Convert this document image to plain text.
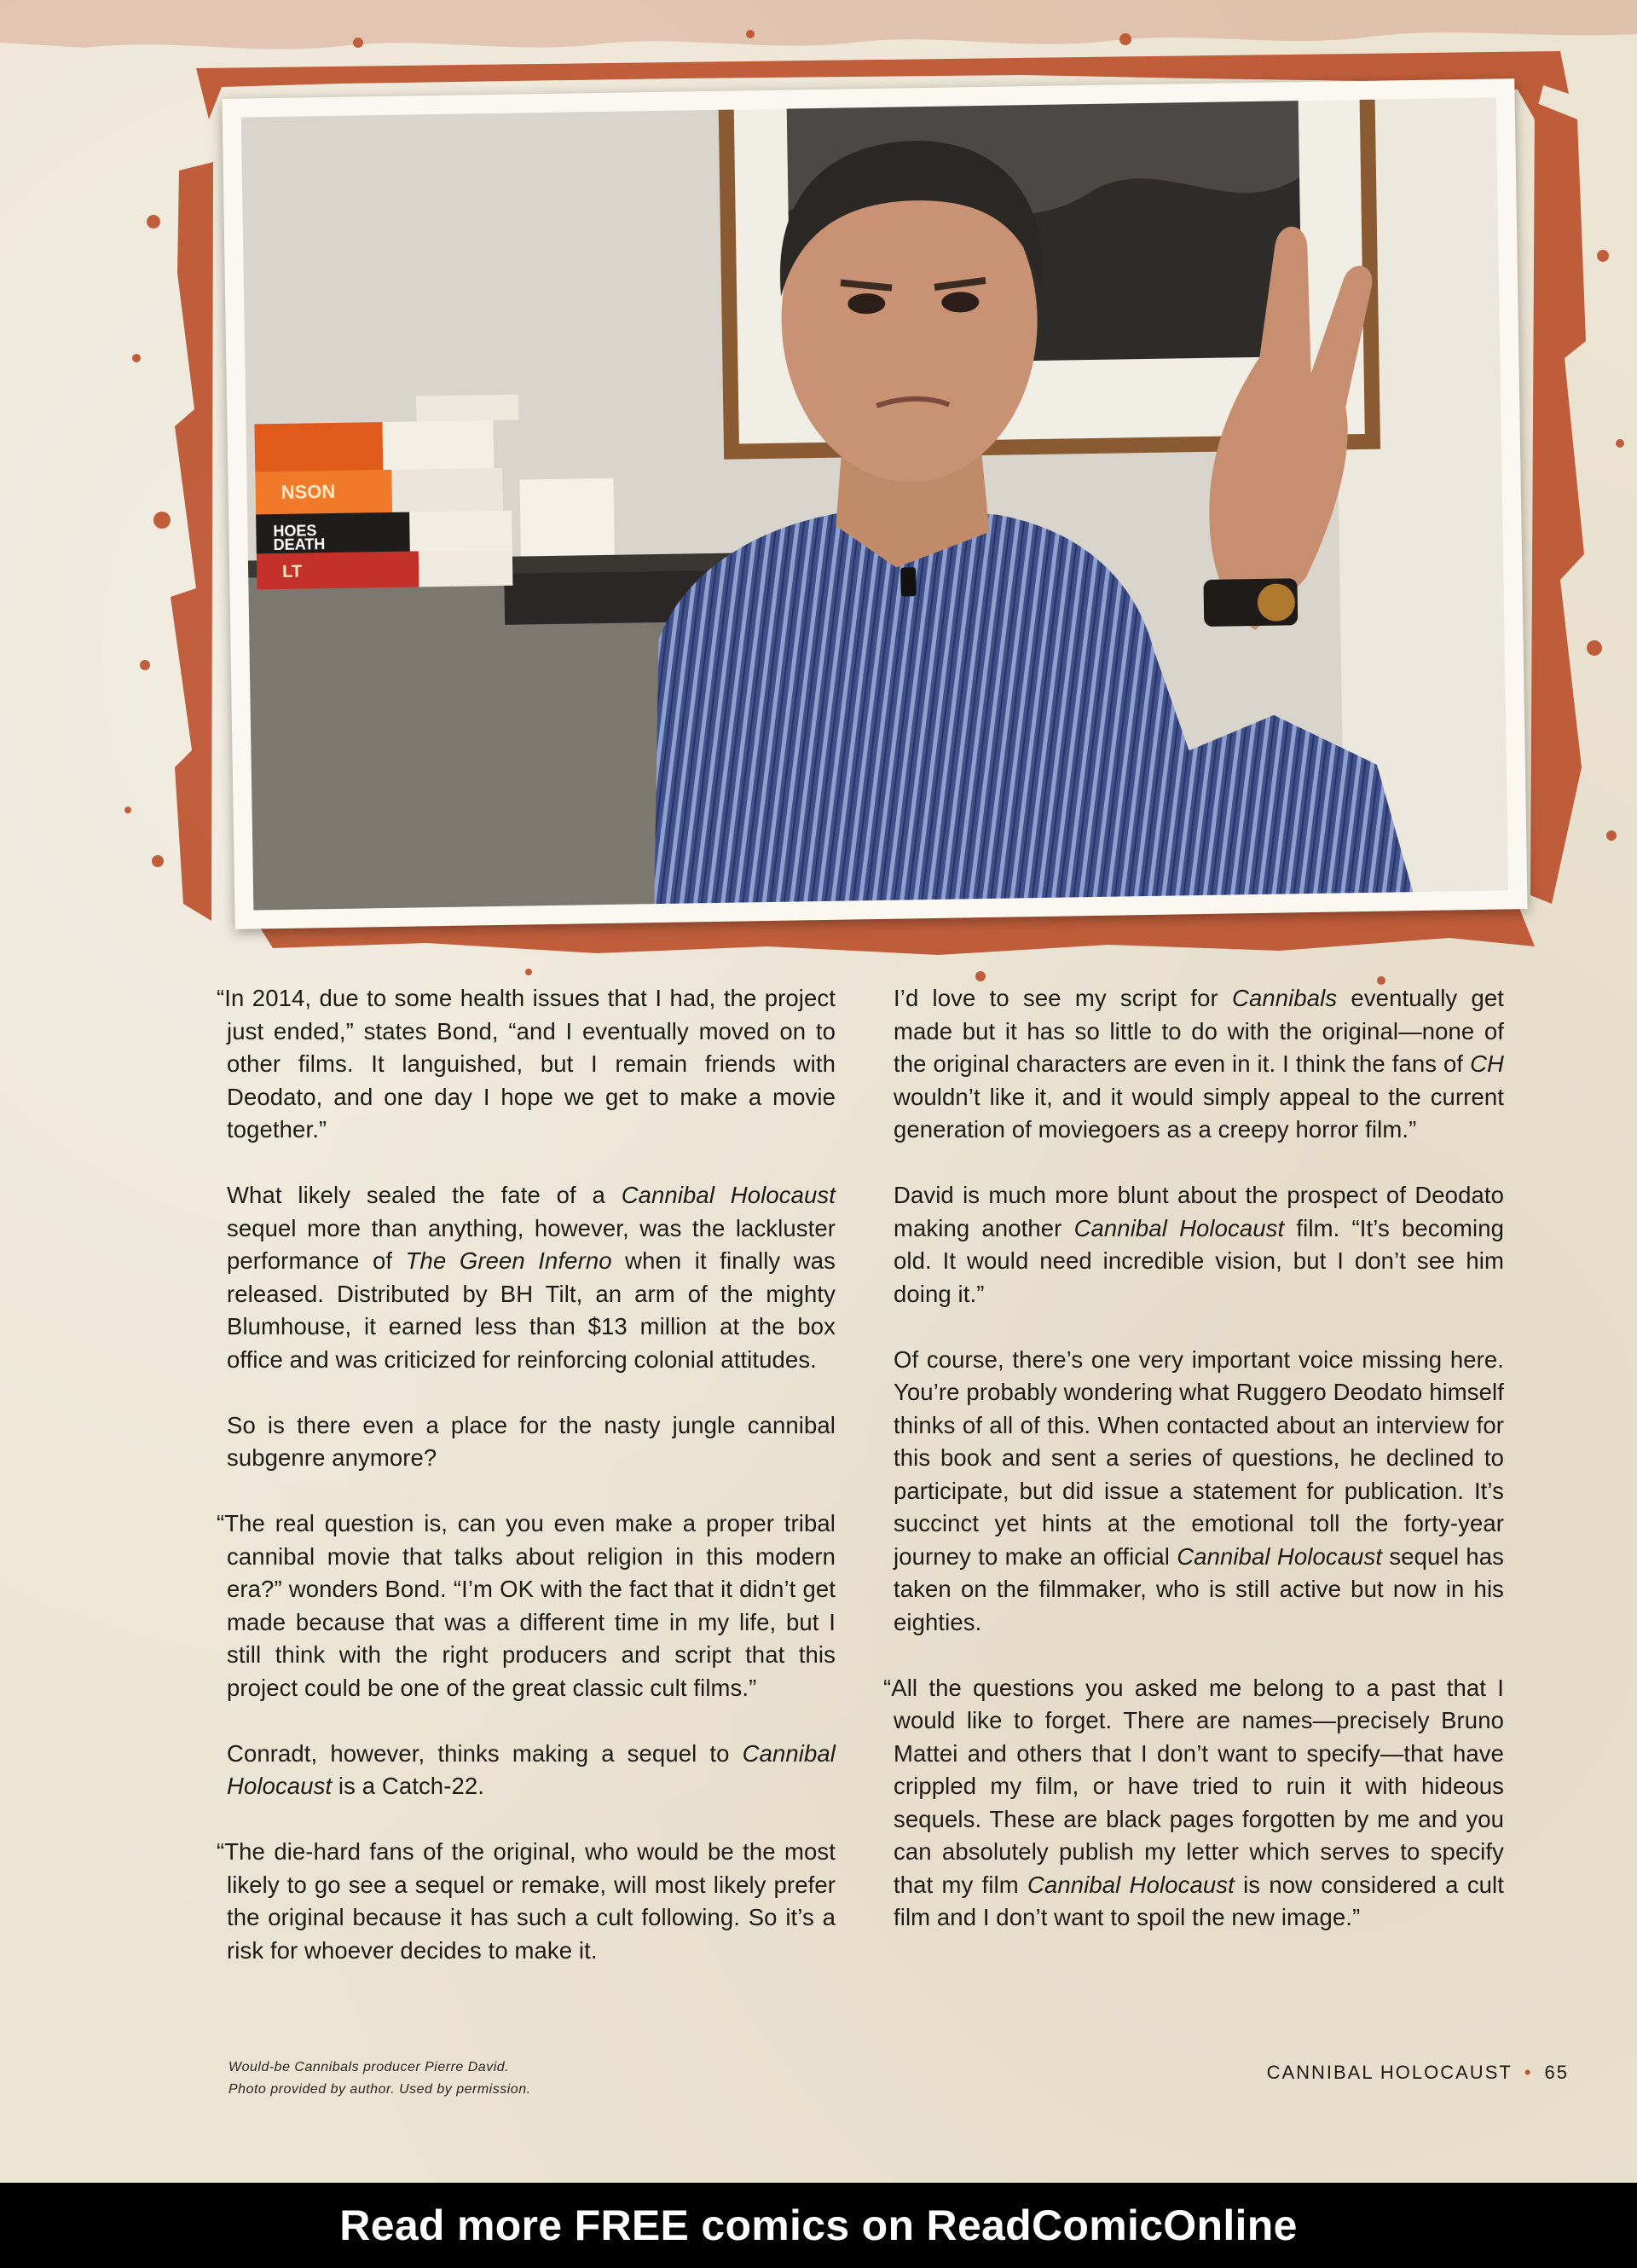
NSON
HOES
DEATH
LT

“In 2014, due to some health issues that I had, the project just ended,” states Bond, “and I eventually moved on to other films. It languished, but I remain friends with Deodato, and one day I hope we get to make a movie together.”

What likely sealed the fate of a Cannibal Holocaust sequel more than anything, however, was the lackluster performance of The Green Inferno when it finally was released. Distributed by BH Tilt, an arm of the mighty Blumhouse, it earned less than $13 million at the box office and was criticized for reinforcing colonial attitudes.

So is there even a place for the nasty jungle cannibal subgenre anymore?

“The real question is, can you even make a proper tribal cannibal movie that talks about religion in this modern era?” wonders Bond. “I’m OK with the fact that it didn’t get made because that was a different time in my life, but I still think with the right producers and script that this project could be one of the great classic cult films.”

Conradt, however, thinks making a sequel to Cannibal Holocaust is a Catch-22.

“The die-hard fans of the original, who would be the most likely to go see a sequel or remake, will most likely prefer the original because it has such a cult following. So it’s a risk for whoever decides to make it.

I’d love to see my script for Cannibals eventually get made but it has so little to do with the original—none of the original characters are even in it. I think the fans of CH wouldn’t like it, and it would simply appeal to the current generation of moviegoers as a creepy horror film.”

David is much more blunt about the prospect of Deodato making another Cannibal Holocaust film. “It’s becoming old. It would need incredible vision, but I don’t see him doing it.”

Of course, there’s one very important voice missing here. You’re probably wondering what Ruggero Deodato himself thinks of all of this. When contacted about an interview for this book and sent a series of questions, he declined to participate, but did issue a statement for publication. It’s succinct yet hints at the emotional toll the forty-year journey to make an official Cannibal Holocaust sequel has taken on the filmmaker, who is still active but now in his eighties.

“All the questions you asked me belong to a past that I would like to forget. There are names—precisely Bruno Mattei and others that I don’t want to specify—that have crippled my film, or have tried to ruin it with hideous sequels. These are black pages forgotten by me and you can absolutely publish my letter which serves to specify that my film Cannibal Holocaust is now considered a cult film and I don’t want to spoil the new image.”

Would-be Cannibals producer Pierre David.
Photo provided by author. Used by permission.
CANNIBAL HOLOCAUST • 65
Read more FREE comics on ReadComicOnline
